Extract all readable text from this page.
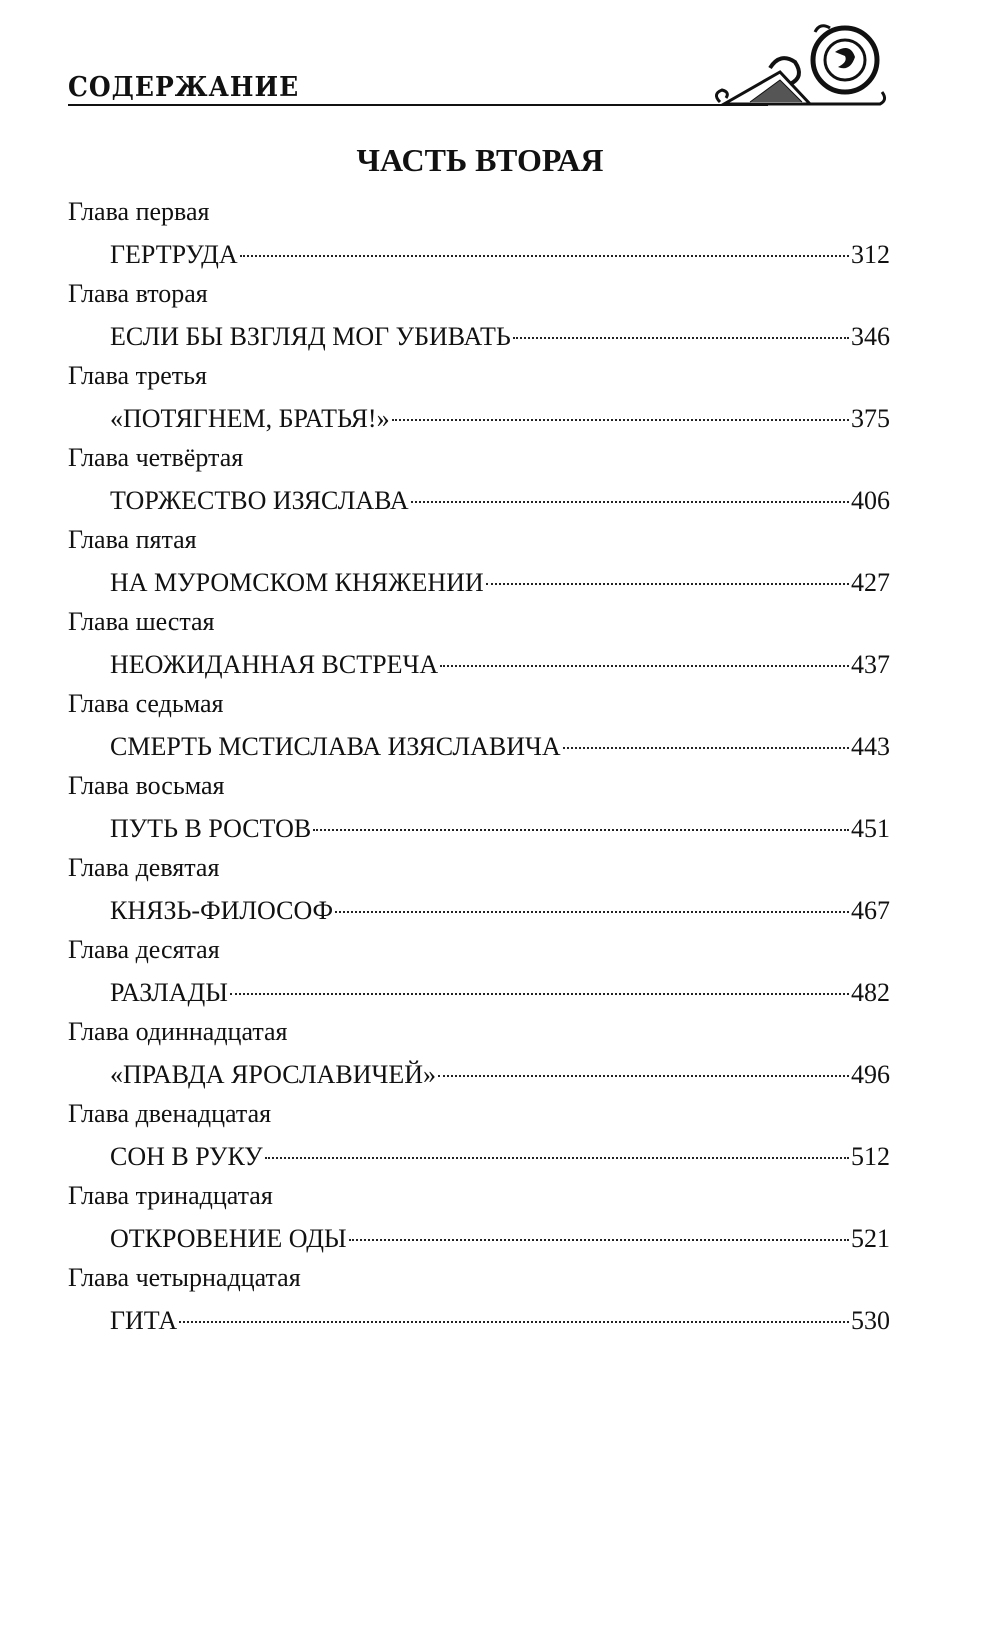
СОДЕРЖАНИЕ
ЧАСТЬ ВТОРАЯ
Глава первая
ГЕРТРУДА	312
Глава вторая
ЕСЛИ БЫ ВЗГЛЯД МОГ УБИВАТЬ	346
Глава третья
«ПОТЯГНЕМ, БРАТЬЯ!»	375
Глава четвёртая
ТОРЖЕСТВО ИЗЯСЛАВА	406
Глава пятая
НА МУРОМСКОМ КНЯЖЕНИИ	427
Глава шестая
НЕОЖИДАННАЯ ВСТРЕЧА	437
Глава седьмая
СМЕРТЬ МСТИСЛАВА ИЗЯСЛАВИЧА	443
Глава восьмая
ПУТЬ В РОСТОВ	451
Глава девятая
КНЯЗЬ-ФИЛОСОФ	467
Глава десятая
РАЗЛАДЫ	482
Глава одиннадцатая
«ПРАВДА ЯРОСЛАВИЧЕЙ»	496
Глава двенадцатая
СОН В РУКУ	512
Глава тринадцатая
ОТКРОВЕНИЕ ОДЫ	521
Глава четырнадцатая
ГИТА	530
